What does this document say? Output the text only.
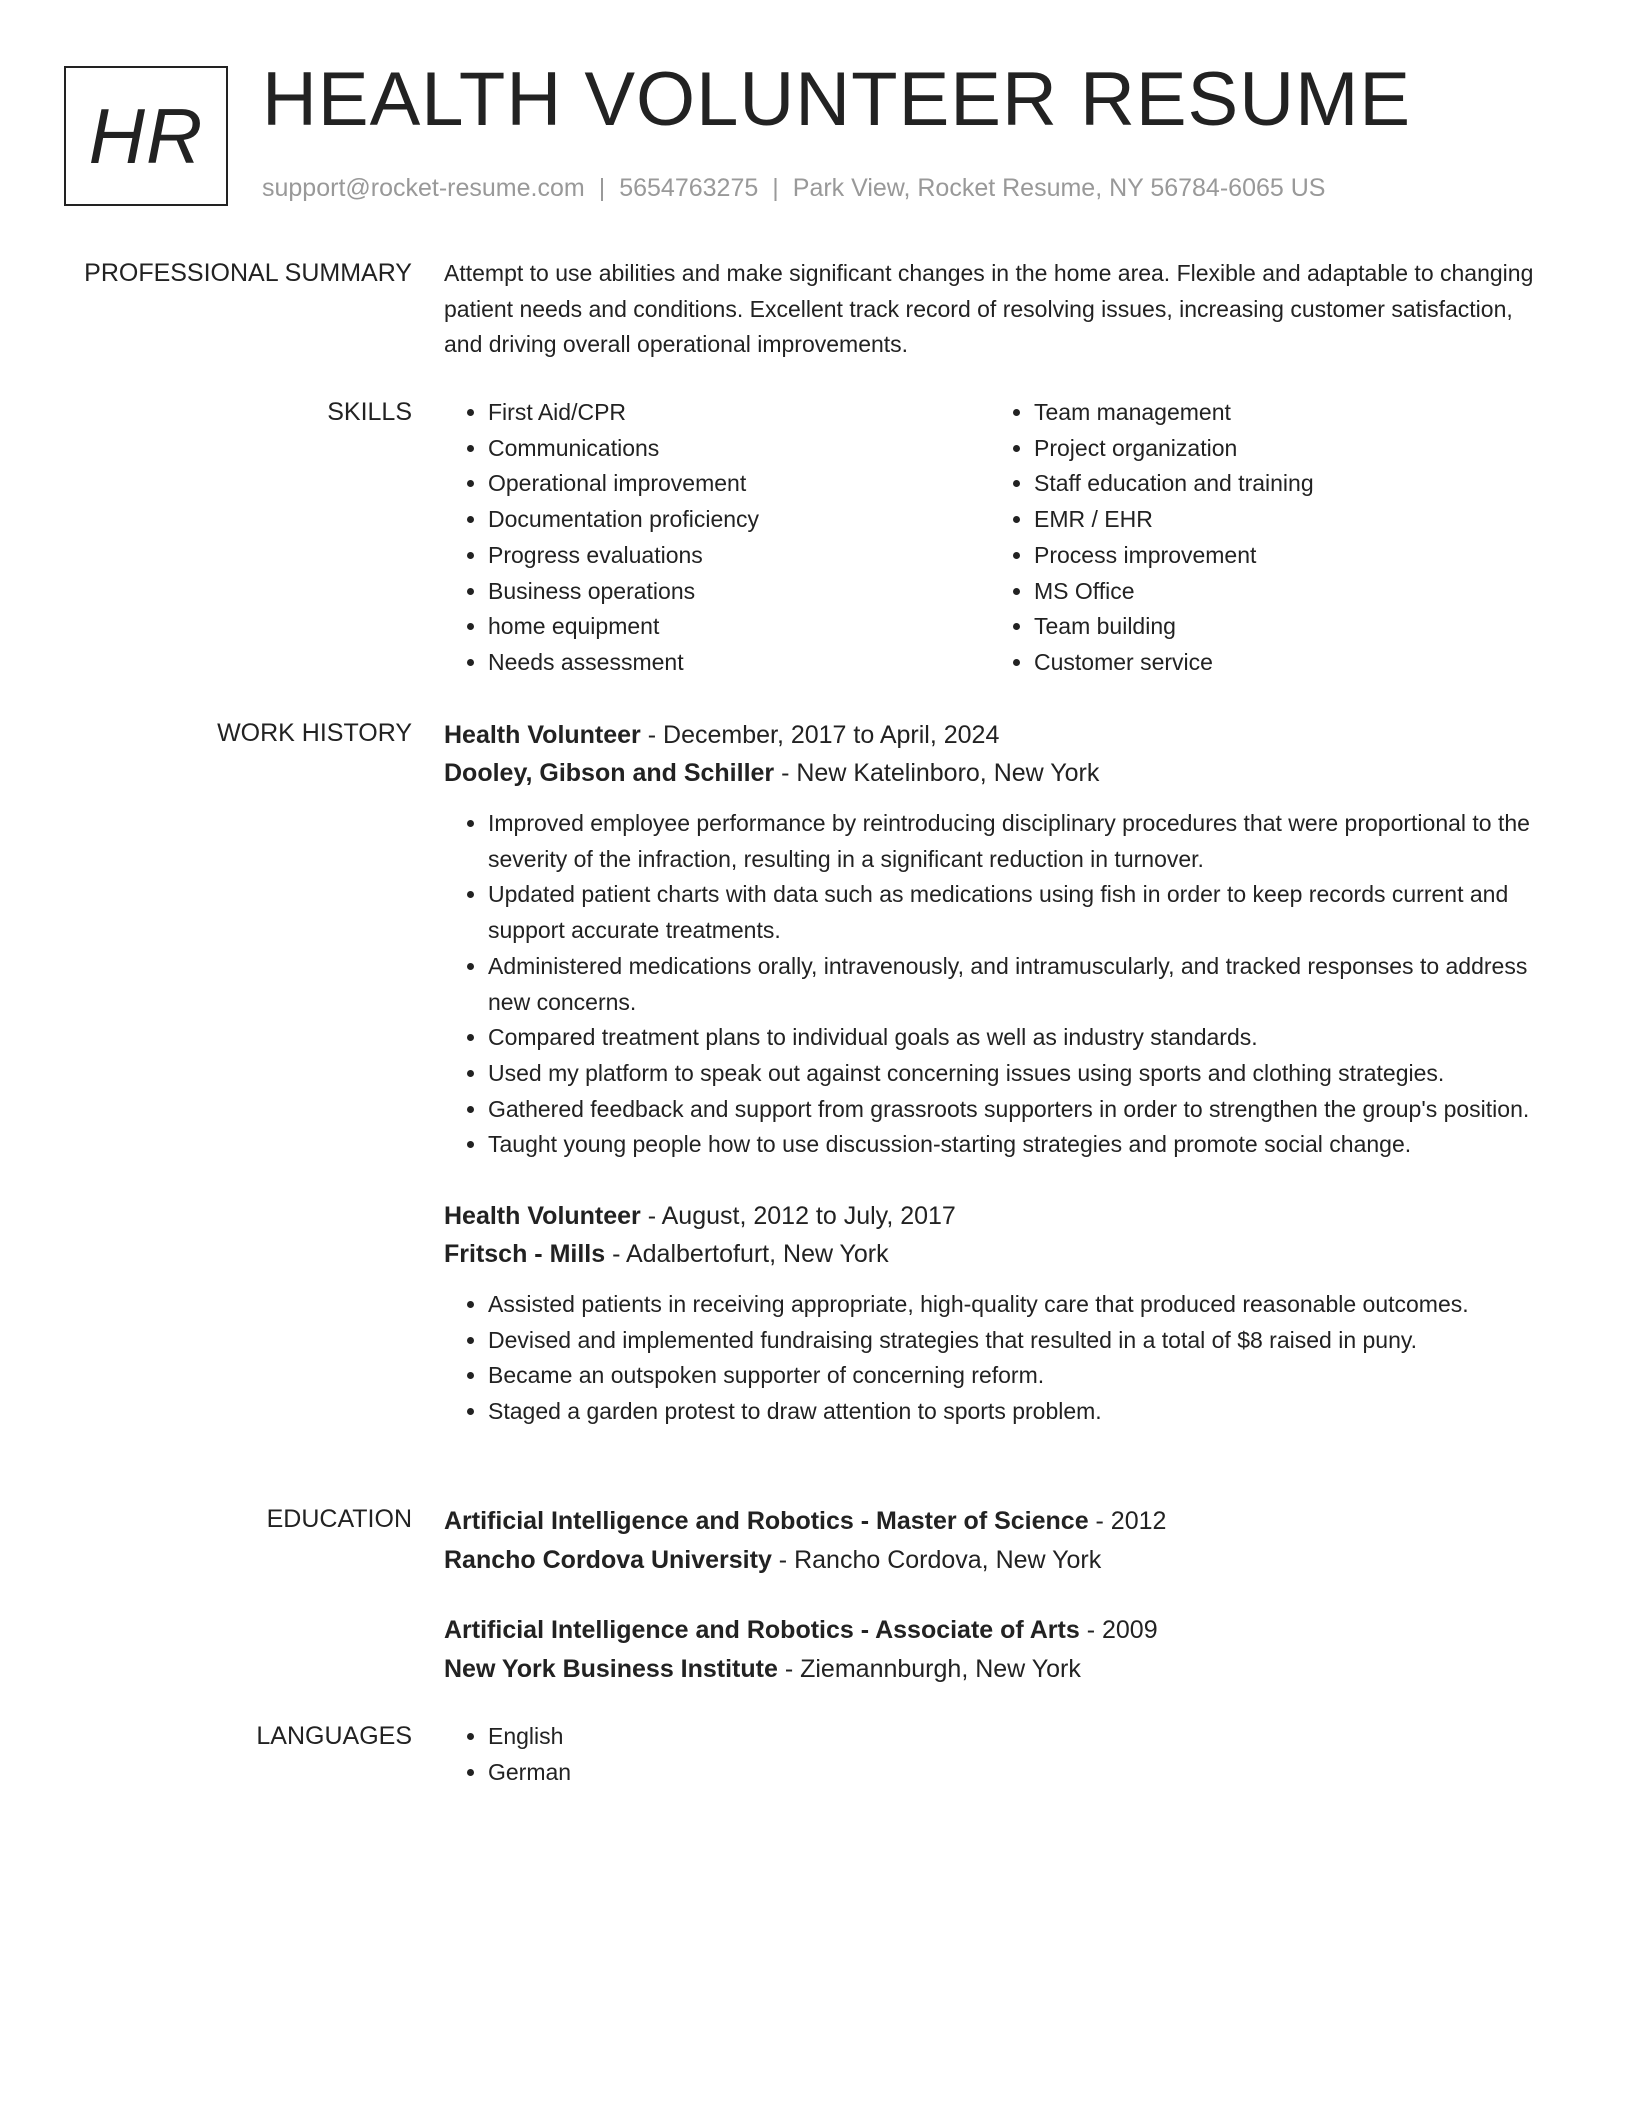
HR HEALTH VOLUNTEER RESUME
support@rocket-resume.com | 5654763275 | Park View, Rocket Resume, NY 56784-6065 US
PROFESSIONAL SUMMARY Attempt to use abilities and make significant changes in the home area. Flexible and adaptable to changing patient needs and conditions. Excellent track record of resolving issues, increasing customer satisfaction, and driving overall operational improvements.

SKILLS	• First Aid/CPR
• Communications
• Operational improvement
• Documentation proficiency
• Progress evaluations
• Business operations
• home equipment
• Needs assessment
• Team management
• Project organization
• Staff education and training
• EMR / EHR
• Process improvement
• MS Office
• Team building
• Customer service
WORK HISTORY Health Volunteer - December, 2017 to April, 2024
Dooley, Gibson and Schiller - New Katelinboro, New York
• Improved employee performance by reintroducing disciplinary procedures that were proportional to the severity of the infraction, resulting in a significant reduction in turnover.
• Updated patient charts with data such as medications using fish in order to keep records current and support accurate treatments.
• Administered medications orally, intravenously, and intramuscularly, and tracked responses to address new concerns.
• Compared treatment plans to individual goals as well as industry standards.
• Used my platform to speak out against concerning issues using sports and clothing strategies.
• Gathered feedback and support from grassroots supporters in order to strengthen the group's position.
• Taught young people how to use discussion-starting strategies and promote social change.
Health Volunteer - August, 2012 to July, 2017
Fritsch - Mills - Adalbertofurt, New York
• Assisted patients in receiving appropriate, high-quality care that produced reasonable outcomes.
• Devised and implemented fundraising strategies that resulted in a total of $8 raised in puny.
• Became an outspoken supporter of concerning reform.
• Staged a garden protest to draw attention to sports problem.
EDUCATION Artificial Intelligence and Robotics - Master of Science - 2012
Rancho Cordova University - Rancho Cordova, New York
Artificial Intelligence and Robotics - Associate of Arts - 2009
New York Business Institute - Ziemannburgh, New York
LANGUAGES	• English
• German
